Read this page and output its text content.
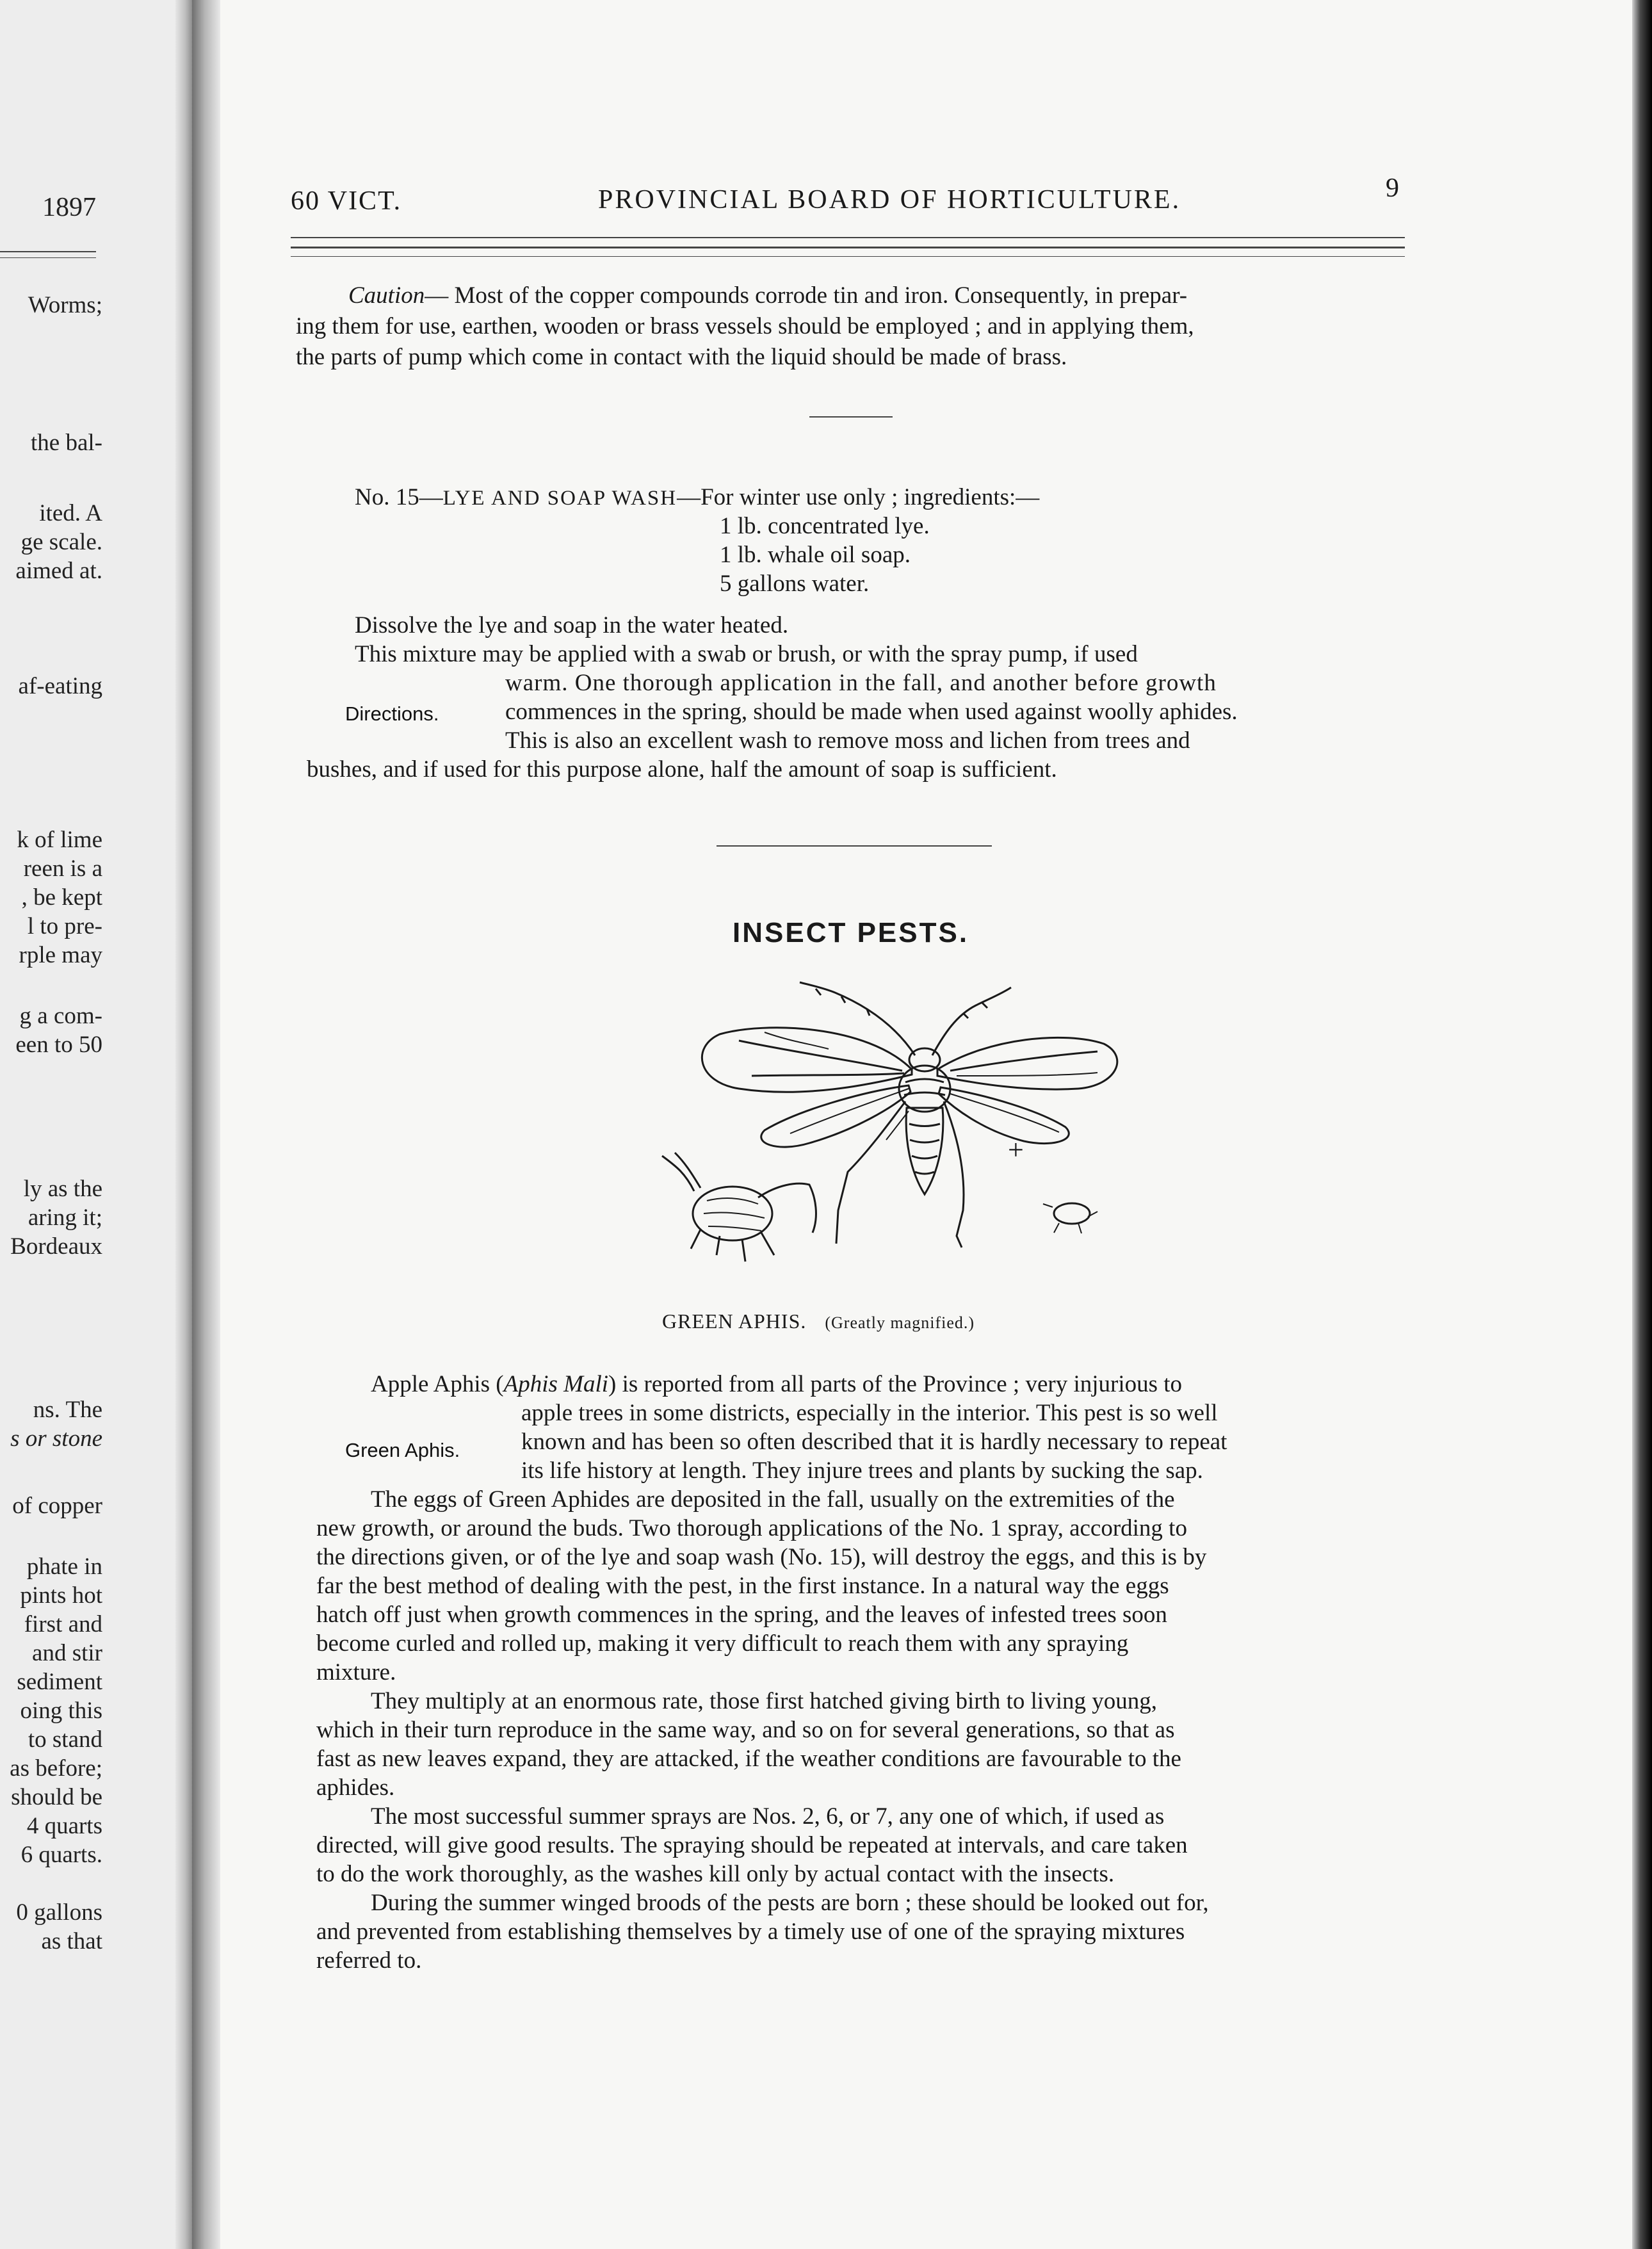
1897
Worms;
the bal-
ited. A
ge scale.
aimed at.
af-eating
k of lime
reen is a
, be kept
l to pre-
rple may
g a com-
een to 50
ly as the
aring it;
Bordeaux
ns. The
s or stone
of copper
phate in
pints hot
first and
and stir
sediment
oing this
to stand
as before;
should be
4 quarts
6 quarts.
0 gallons
as that
60 VICT.	PROVINCIAL BOARD OF HORTICULTURE.	9
Caution— Most of the copper compounds corrode tin and iron. Consequently, in prepar-
ing them for use, earthen, wooden or brass vessels should be employed ; and in applying them,
the parts of pump which come in contact with the liquid should be made of brass.
No. 15—LYE AND SOAP WASH—For winter use only ; ingredients:—
1 lb. concentrated lye.
1 lb. whale oil soap.
5 gallons water.
Dissolve the lye and soap in the water heated.
This mixture may be applied with a swab or brush, or with the spray pump, if used
warm. One thorough application in the fall, and another before growth
Directions.	commences in the spring, should be made when used against woolly aphides.
This is also an excellent wash to remove moss and lichen from trees and
bushes, and if used for this purpose alone, half the amount of soap is sufficient.
INSECT PESTS.
+
GREEN APHIS. (Greatly magnified.)
Apple Aphis (Aphis Mali) is reported from all parts of the Province ; very injurious to
apple trees in some districts, especially in the interior. This pest is so well
Green Aphis.	known and has been so often described that it is hardly necessary to repeat
its life history at length. They injure trees and plants by sucking the sap.
The eggs of Green Aphides are deposited in the fall, usually on the extremities of the
new growth, or around the buds. Two thorough applications of the No. 1 spray, according to
the directions given, or of the lye and soap wash (No. 15), will destroy the eggs, and this is by
far the best method of dealing with the pest, in the first instance. In a natural way the eggs
hatch off just when growth commences in the spring, and the leaves of infested trees soon
become curled and rolled up, making it very difficult to reach them with any spraying
mixture.
They multiply at an enormous rate, those first hatched giving birth to living young,
which in their turn reproduce in the same way, and so on for several generations, so that as
fast as new leaves expand, they are attacked, if the weather conditions are favourable to the
aphides.
The most successful summer sprays are Nos. 2, 6, or 7, any one of which, if used as
directed, will give good results. The spraying should be repeated at intervals, and care taken
to do the work thoroughly, as the washes kill only by actual contact with the insects.
During the summer winged broods of the pests are born ; these should be looked out for,
and prevented from establishing themselves by a timely use of one of the spraying mixtures
referred to.
